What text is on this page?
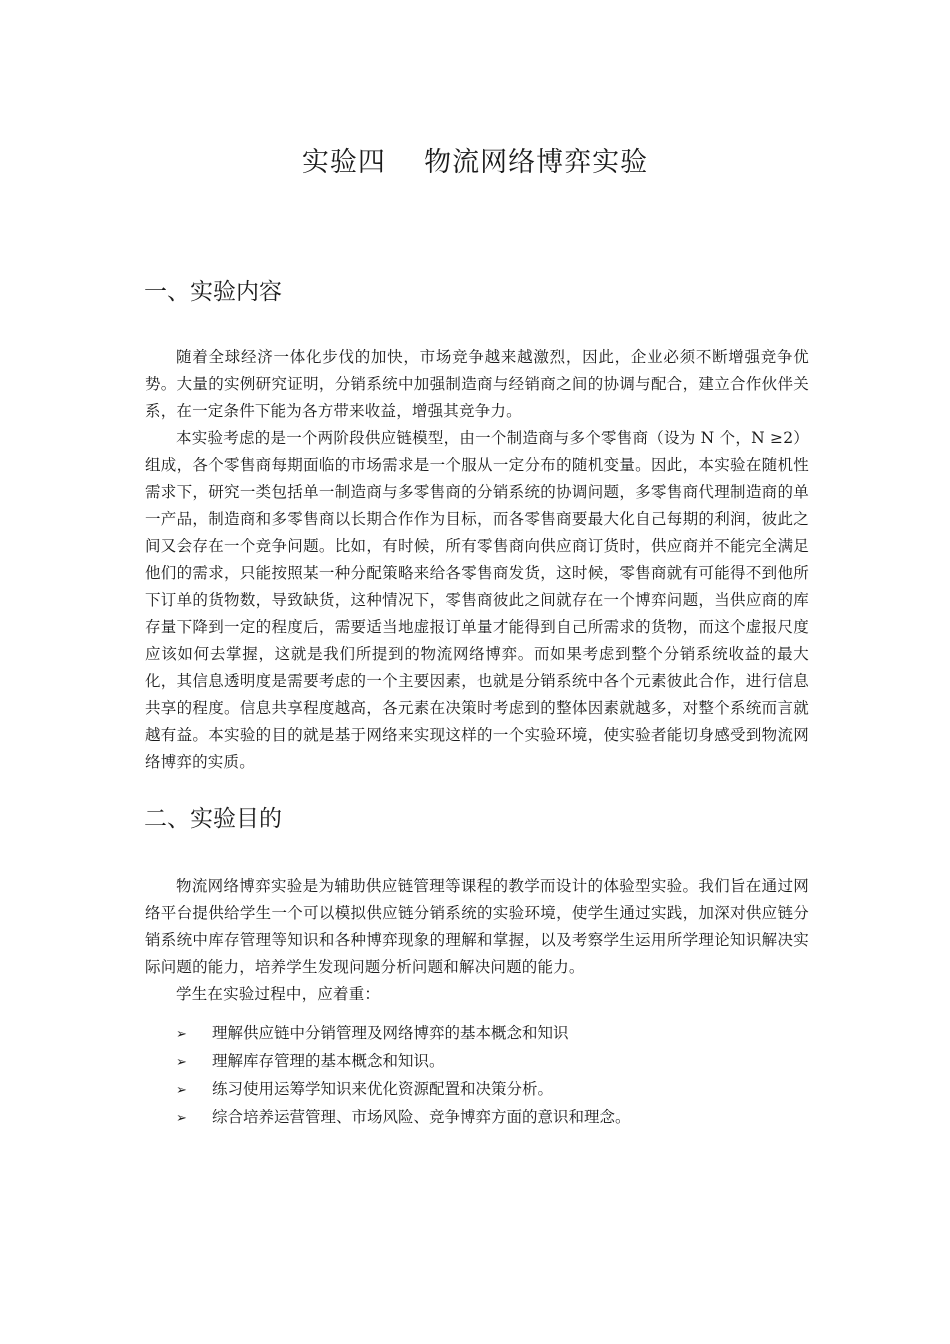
实验四    物流网络博弈实验
一、实验内容

随着全球经济一体化步伐的加快，市场竞争越来越激烈，因此，企业必须不断增强竞争优势。大量的实例研究证明，分销系统中加强制造商与经销商之间的协调与配合，建立合作伙伴关系，在一定条件下能为各方带来收益，增强其竞争力。

本实验考虑的是一个两阶段供应链模型，由一个制造商与多个零售商（设为 N 个，N ≥2）组成，各个零售商每期面临的市场需求是一个服从一定分布的随机变量。因此，本实验在随机性需求下，研究一类包括单一制造商与多零售商的分销系统的协调问题，多零售商代理制造商的单一产品，制造商和多零售商以长期合作作为目标，而各零售商要最大化自己每期的利润，彼此之间又会存在一个竞争问题。比如，有时候，所有零售商向供应商订货时，供应商并不能完全满足他们的需求，只能按照某一种分配策略来给各零售商发货，这时候，零售商就有可能得不到他所下订单的货物数，导致缺货，这种情况下，零售商彼此之间就存在一个博弈问题，当供应商的库存量下降到一定的程度后，需要适当地虚报订单量才能得到自己所需求的货物，而这个虚报尺度应该如何去掌握，这就是我们所提到的物流网络博弈。而如果考虑到整个分销系统收益的最大化，其信息透明度是需要考虑的一个主要因素，也就是分销系统中各个元素彼此合作，进行信息共享的程度。信息共享程度越高，各元素在决策时考虑到的整体因素就越多，对整个系统而言就越有益。本实验的目的就是基于网络来实现这样的一个实验环境，使实验者能切身感受到物流网络博弈的实质。

二、实验目的

物流网络博弈实验是为辅助供应链管理等课程的教学而设计的体验型实验。我们旨在通过网络平台提供给学生一个可以模拟供应链分销系统的实验环境，使学生通过实践，加深对供应链分销系统中库存管理等知识和各种博弈现象的理解和掌握，以及考察学生运用所学理论知识解决实际问题的能力，培养学生发现问题分析问题和解决问题的能力。

学生在实验过程中，应着重：

➢	理解供应链中分销管理及网络博弈的基本概念和知识
➢	理解库存管理的基本概念和知识。
➢	练习使用运筹学知识来优化资源配置和决策分析。
➢	综合培养运营管理、市场风险、竞争博弈方面的意识和理念。
